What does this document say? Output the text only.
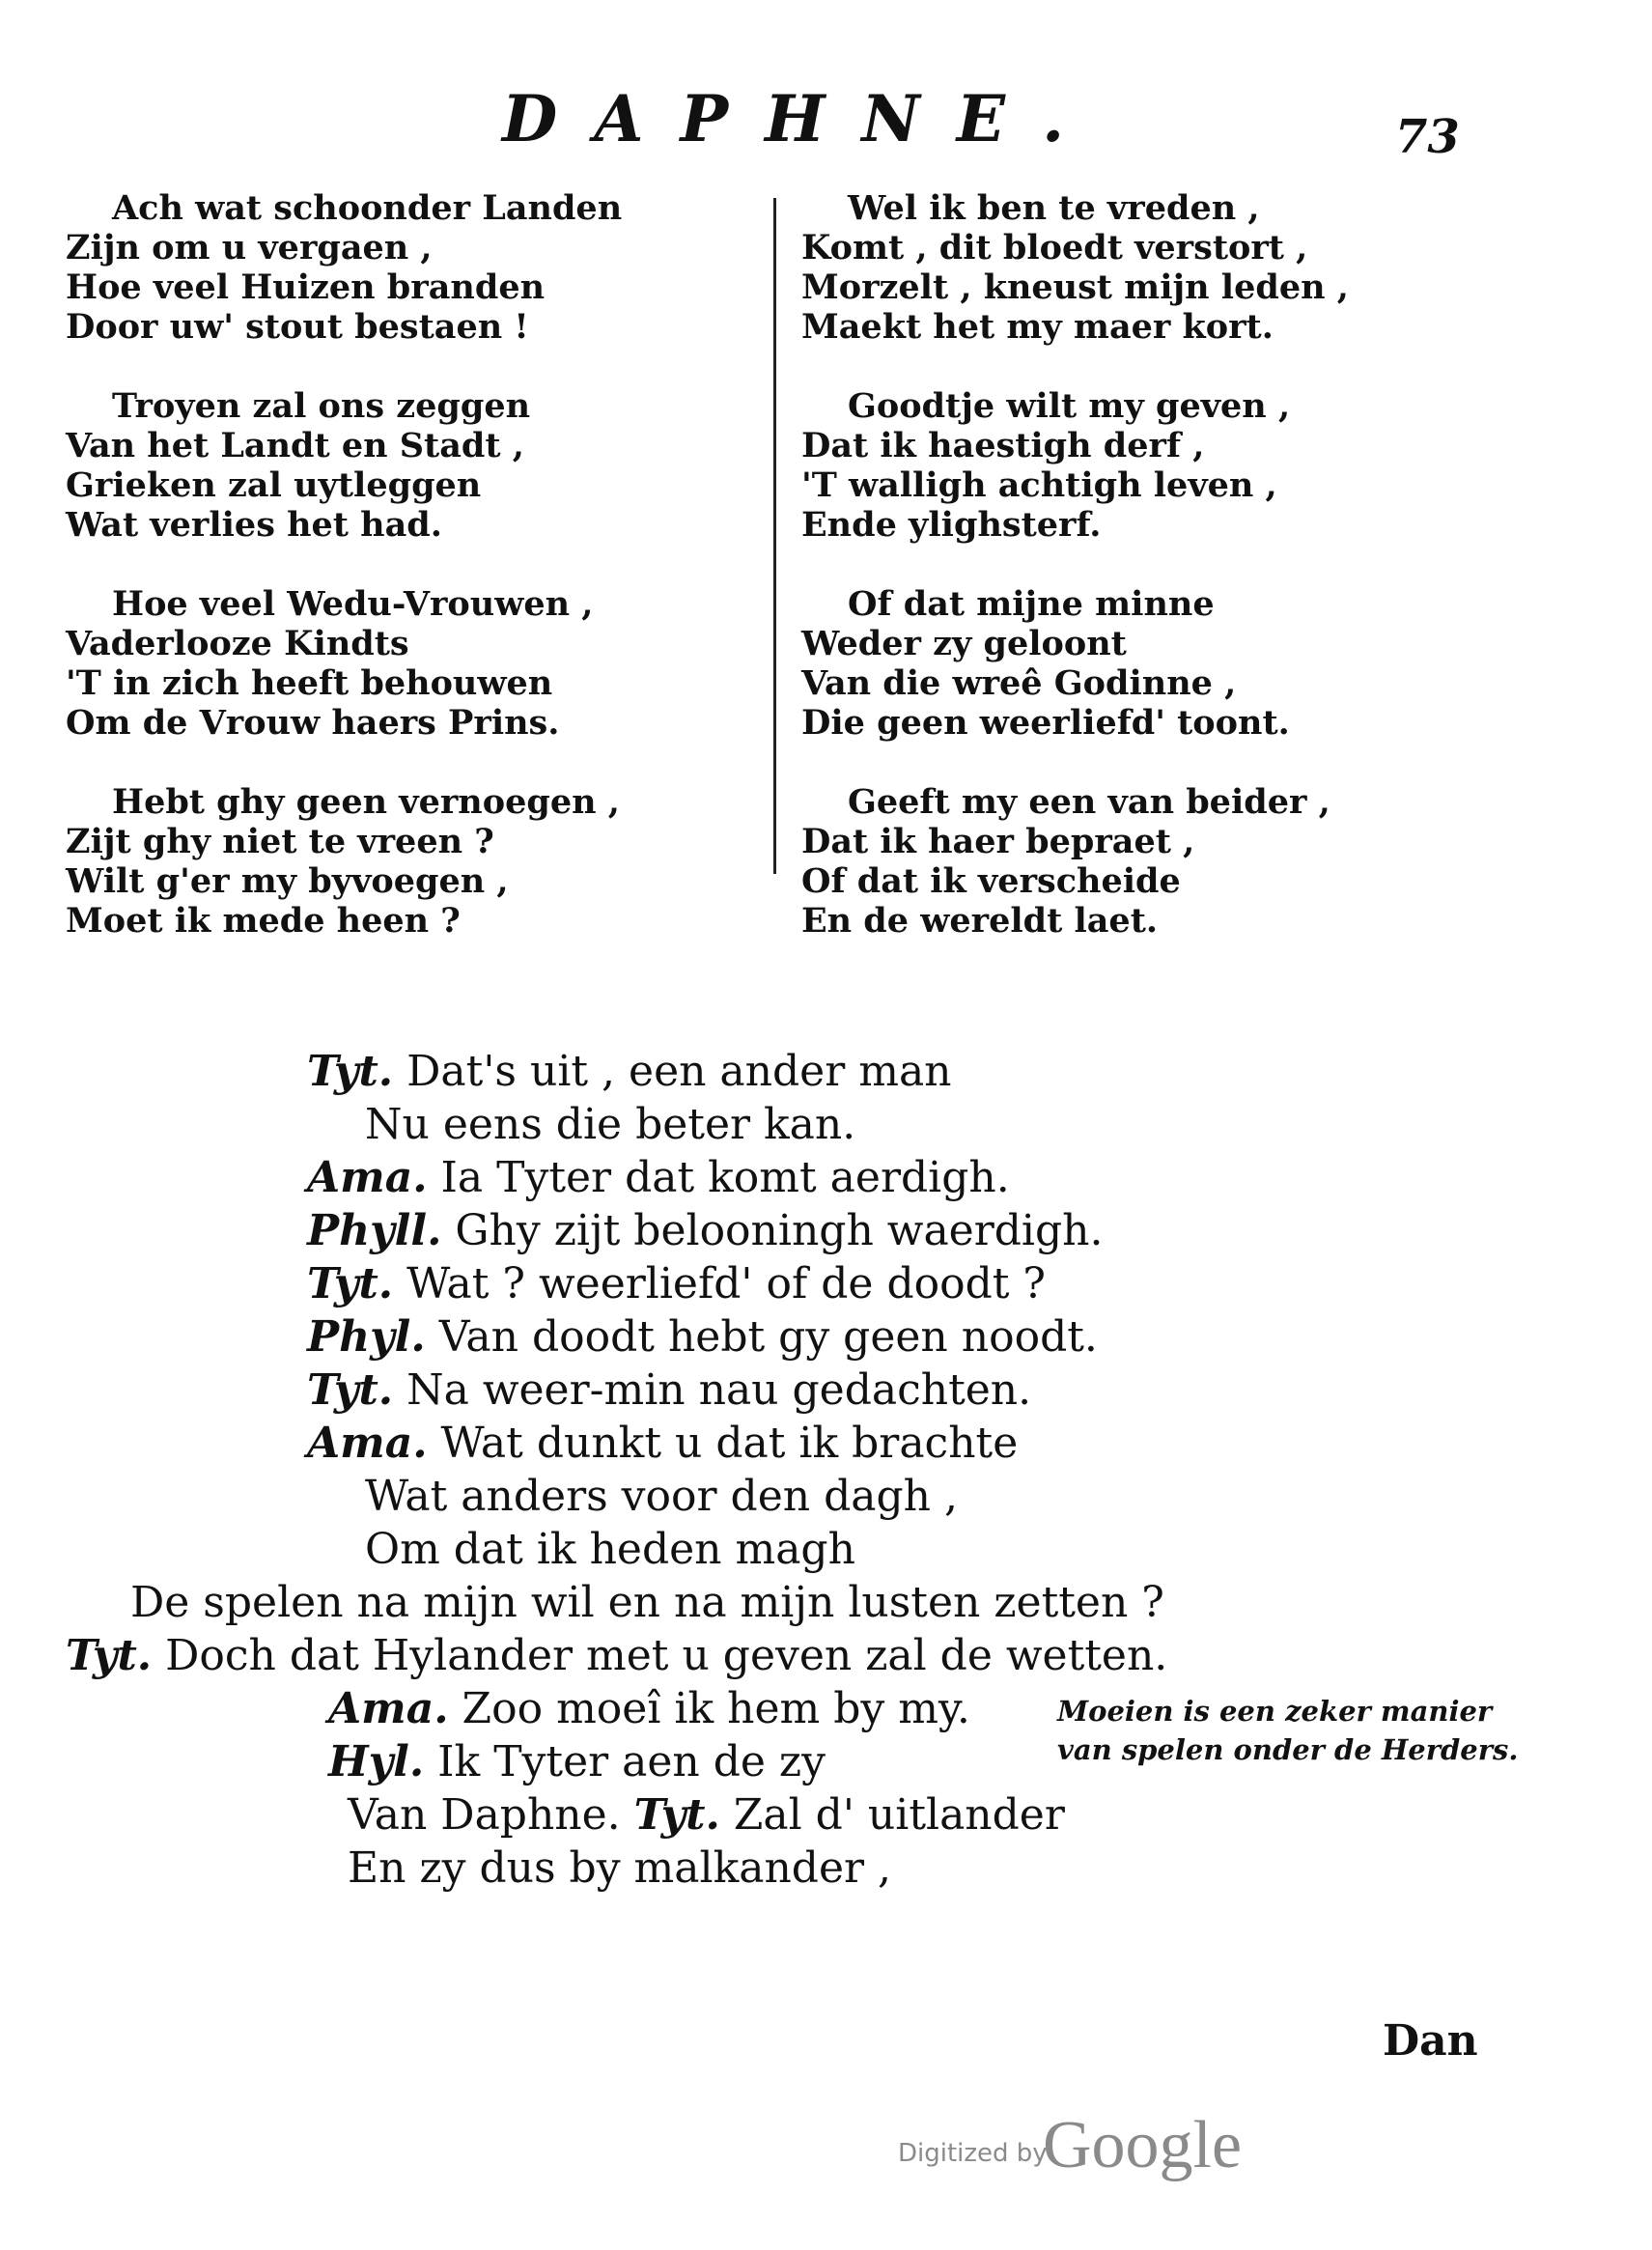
DAPHNE.	73
Ach wat schoonder Landen
Zijn om u vergaen ,
Hoe veel Huizen branden
Door uw' stout bestaen !
Troyen zal ons zeggen
Van het Landt en Stadt ,
Grieken zal uytleggen
Wat verlies het had.
Hoe veel Wedu-Vrouwen ,
Vaderlooze Kindts
'T in zich heeft behouwen
Om de Vrouw haers Prins.
Hebt ghy geen vernoegen ,
Zijt ghy niet te vreen ?
Wilt g'er my byvoegen ,
Moet ik mede heen ?
Wel ik ben te vreden ,
Komt , dit bloedt verstort ,
Morzelt , kneust mijn leden ,
Maekt het my maer kort.
Goodtje wilt my geven ,
Dat ik haestigh derf ,
'T walligh achtigh leven ,
Ende ylighsterf.
Of dat mijne minne
Weder zy geloont
Van die wreê Godinne ,
Die geen weerliefd' toont.
Geeft my een van beider ,
Dat ik haer bepraet ,
Of dat ik verscheide
En de wereldt laet.
Tyt. Dat's uit , een ander man
Nu eens die beter kan.
Ama. Ia Tyter dat komt aerdigh.
Phyll. Ghy zijt belooningh waerdigh.
Tyt. Wat ? weerliefd' of de doodt ?
Phyl. Van doodt hebt gy geen noodt.
Tyt. Na weer-min nau gedachten.
Ama. Wat dunkt u dat ik brachte
Wat anders voor den dagh ,
Om dat ik heden magh
De spelen na mijn wil en na mijn lusten zetten ?
Tyt. Doch dat Hylander met u geven zal de wetten.
Ama. Zoo moeî ik hem by my.
Hyl. Ik Tyter aen de zy
Van Daphne. Tyt. Zal d' uitlander
En zy dus by malkander ,
Moeien is een zeker manier
van spelen onder de Herders.
Dan
Digitized by
Google
